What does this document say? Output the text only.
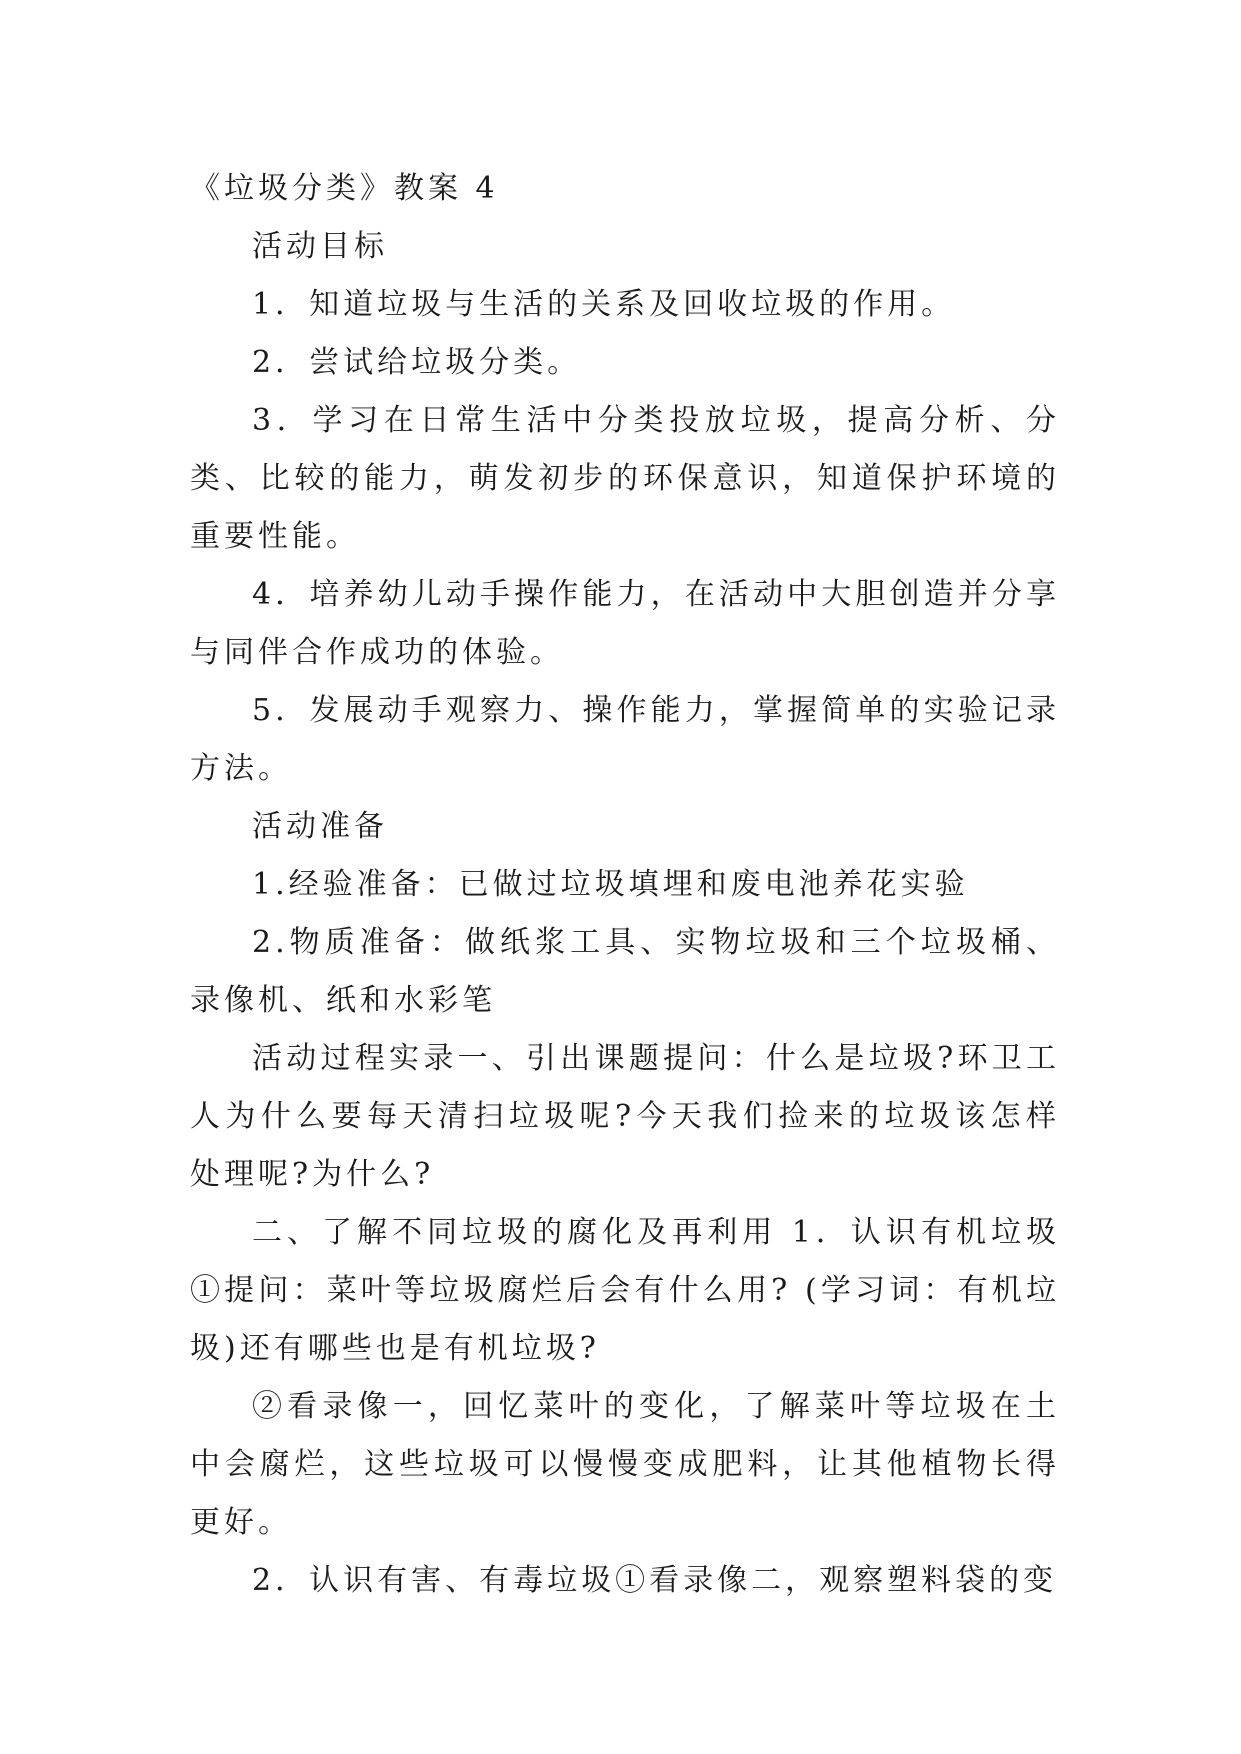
《垃圾分类》教案 4

活动目标

1．知道垃圾与生活的关系及回收垃圾的作用。

2．尝试给垃圾分类。

3．学习在日常生活中分类投放垃圾，提高分析、分类、比较的能力，萌发初步的环保意识，知道保护环境的重要性能。

4．培养幼儿动手操作能力，在活动中大胆创造并分享与同伴合作成功的体验。

5．发展动手观察力、操作能力，掌握简单的实验记录方法。

活动准备

1.经验准备：已做过垃圾填埋和废电池养花实验

2.物质准备：做纸浆工具、实物垃圾和三个垃圾桶、录像机、纸和水彩笔

活动过程实录一、引出课题提问：什么是垃圾?环卫工人为什么要每天清扫垃圾呢?今天我们捡来的垃圾该怎样处理呢?为什么?

二、了解不同垃圾的腐化及再利用 1．认识有机垃圾①提问：菜叶等垃圾腐烂后会有什么用? (学习词：有机垃圾)还有哪些也是有机垃圾?

②看录像一，回忆菜叶的变化，了解菜叶等垃圾在土中会腐烂，这些垃圾可以慢慢变成肥料，让其他植物长得更好。

2．认识有害、有毒垃圾①看录像二，观察塑料袋的变
